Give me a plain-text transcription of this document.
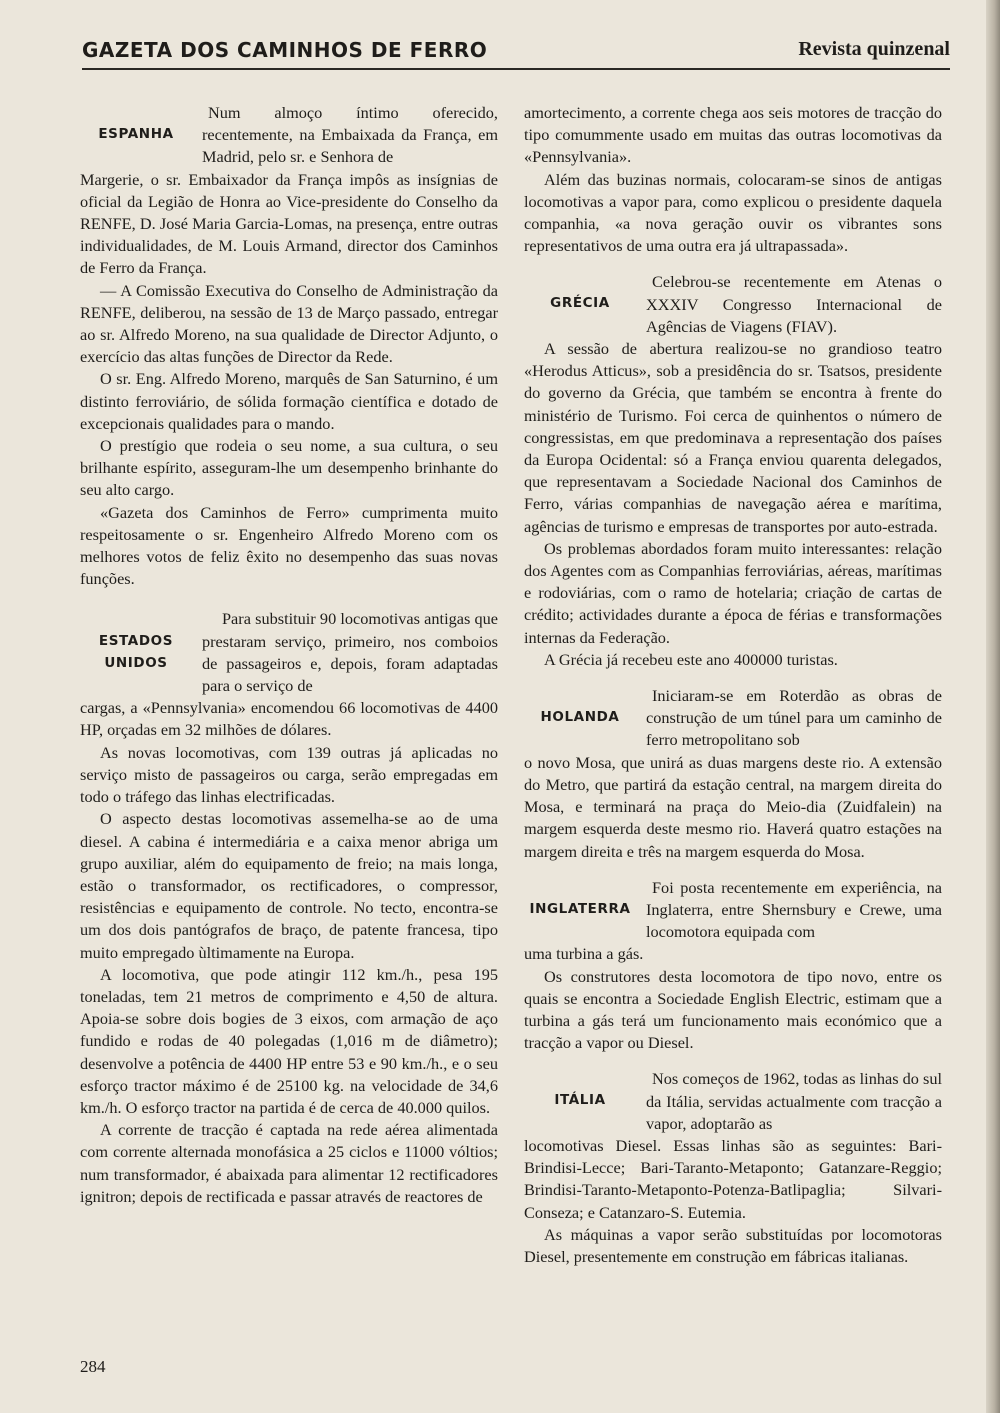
GAZETA DOS CAMINHOS DE FERRO	Revista quinzenal
ESPANHA

Num almoço íntimo oferecido, recentemente, na Embaixada da França, em Madrid, pelo sr. e Senhora de

Margerie, o sr. Embaixador da França impôs as insígnias de oficial da Legião de Honra ao Vice-presidente do Conselho da RENFE, D. José Maria Garcia-Lomas, na presença, entre outras individualidades, de M. Louis Armand, director dos Caminhos de Ferro da França.

— A Comissão Executiva do Conselho de Administração da RENFE, deliberou, na sessão de 13 de Março passado, entregar ao sr. Alfredo Moreno, na sua qualidade de Director Adjunto, o exercício das altas funções de Director da Rede.

O sr. Eng. Alfredo Moreno, marquês de San Saturnino, é um distinto ferroviário, de sólida formação científica e dotado de excepcionais qualidades para o mando.

O prestígio que rodeia o seu nome, a sua cultura, o seu brilhante espírito, asseguram-lhe um desempenho brinhante do seu alto cargo.

«Gazeta dos Caminhos de Ferro» cumprimenta muito respeitosamente o sr. Engenheiro Alfredo Moreno com os melhores votos de feliz êxito no desempenho das suas novas funções.

ESTADOS
UNIDOS

Para substituir 90 locomotivas antigas que prestaram serviço, primeiro, nos comboios de passageiros e, depois, foram adaptadas para o serviço de

cargas, a «Pennsylvania» encomendou 66 locomotivas de 4400 HP, orçadas em 32 milhões de dólares.

As novas locomotivas, com 139 outras já aplicadas no serviço misto de passageiros ou carga, serão empregadas em todo o tráfego das linhas electrificadas.

O aspecto destas locomotivas assemelha-se ao de uma diesel. A cabina é intermediária e a caixa menor abriga um grupo auxiliar, além do equipamento de freio; na mais longa, estão o transformador, os rectificadores, o compressor, resistências e equipamento de controle. No tecto, encontra-se um dos dois pantógrafos de braço, de patente francesa, tipo muito empregado ùltimamente na Europa.

A locomotiva, que pode atingir 112 km./h., pesa 195 toneladas, tem 21 metros de comprimento e 4,50 de altura. Apoia-se sobre dois bogies de 3 eixos, com armação de aço fundido e rodas de 40 polegadas (1,016 m de diâmetro); desenvolve a potência de 4400 HP entre 53 e 90 km./h., e o seu esforço tractor máximo é de 25100 kg. na velocidade de 34,6 km./h. O esforço tractor na partida é de cerca de 40.000 quilos.

A corrente de tracção é captada na rede aérea alimentada com corrente alternada monofásica a 25 ciclos e 11000 vóltios; num transformador, é abaixada para alimentar 12 rectificadores ignitron; depois de rectificada e passar através de reactores de

amortecimento, a corrente chega aos seis motores de tracção do tipo comummente usado em muitas das outras locomotivas da «Pennsylvania».

Além das buzinas normais, colocaram-se sinos de antigas locomotivas a vapor para, como explicou o presidente daquela companhia, «a nova geração ouvir os vibrantes sons representativos de uma outra era já ultrapassada».

GRÉCIA

Celebrou-se recentemente em Atenas o XXXIV Congresso Internacional de Agências de Viagens (FIAV).

A sessão de abertura realizou-se no grandioso teatro «Herodus Atticus», sob a presidência do sr. Tsatsos, presidente do governo da Grécia, que também se encontra à frente do ministério de Turismo. Foi cerca de quinhentos o número de congressistas, em que predominava a representação dos países da Europa Ocidental: só a França enviou quarenta delegados, que representavam a Sociedade Nacional dos Caminhos de Ferro, várias companhias de navegação aérea e marítima, agências de turismo e empresas de transportes por auto-estrada.

Os problemas abordados foram muito interessantes: relação dos Agentes com as Companhias ferroviárias, aéreas, marítimas e rodoviárias, com o ramo de hotelaria; criação de cartas de crédito; actividades durante a época de férias e transformações internas da Federação.

A Grécia já recebeu este ano 400000 turistas.

HOLANDA

Iniciaram-se em Roterdão as obras de construção de um túnel para um caminho de ferro metropolitano sob

o novo Mosa, que unirá as duas margens deste rio. A extensão do Metro, que partirá da estação central, na margem direita do Mosa, e terminará na praça do Meio-dia (Zuidfalein) na margem esquerda deste mesmo rio. Haverá quatro estações na margem direita e três na margem esquerda do Mosa.

INGLATERRA

Foi posta recentemente em experiência, na Inglaterra, entre Shernsbury e Crewe, uma locomotora equipada com

uma turbina a gás.

Os construtores desta locomotora de tipo novo, entre os quais se encontra a Sociedade English Electric, estimam que a turbina a gás terá um funcionamento mais económico que a tracção a vapor ou Diesel.

ITÁLIA

Nos começos de 1962, todas as linhas do sul da Itália, servidas actualmente com tracção a vapor, adoptarão as

locomotivas Diesel. Essas linhas são as seguintes: Bari-Brindisi-Lecce; Bari-Taranto-Metaponto; Gatanzare-Reggio; Brindisi-Taranto-Metaponto-Potenza-Batlipaglia; Silvari-Conseza; e Catanzaro-S. Eutemia.

As máquinas a vapor serão substituídas por locomotoras Diesel, presentemente em construção em fábricas italianas.

284
